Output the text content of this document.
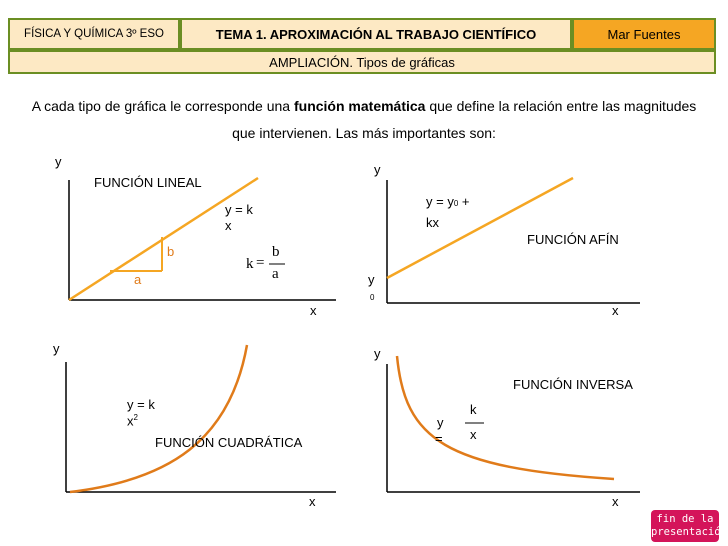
FÍSICA Y QUÍMICA 3º ESO	TEMA 1. APROXIMACIÓN AL TRABAJO CIENTÍFICO	Mar Fuentes
AMPLIACIÓN. Tipos de gráficas
A cada tipo de gráfica le corresponde una función matemática que define la relación entre las magnitudes que intervienen. Las más importantes son:
y
FUNCIÓN LINEAL
y = k
x
b
a
k =
b
a
x
y
y = y0 +
kx
FUNCIÓN AFÍN
y
0
x
y
y = k
$x^2$
FUNCIÓN CUADRÁTICA
x
y
FUNCIÓN INVERSA
k
y
x
=
x
fin de la
presentación
